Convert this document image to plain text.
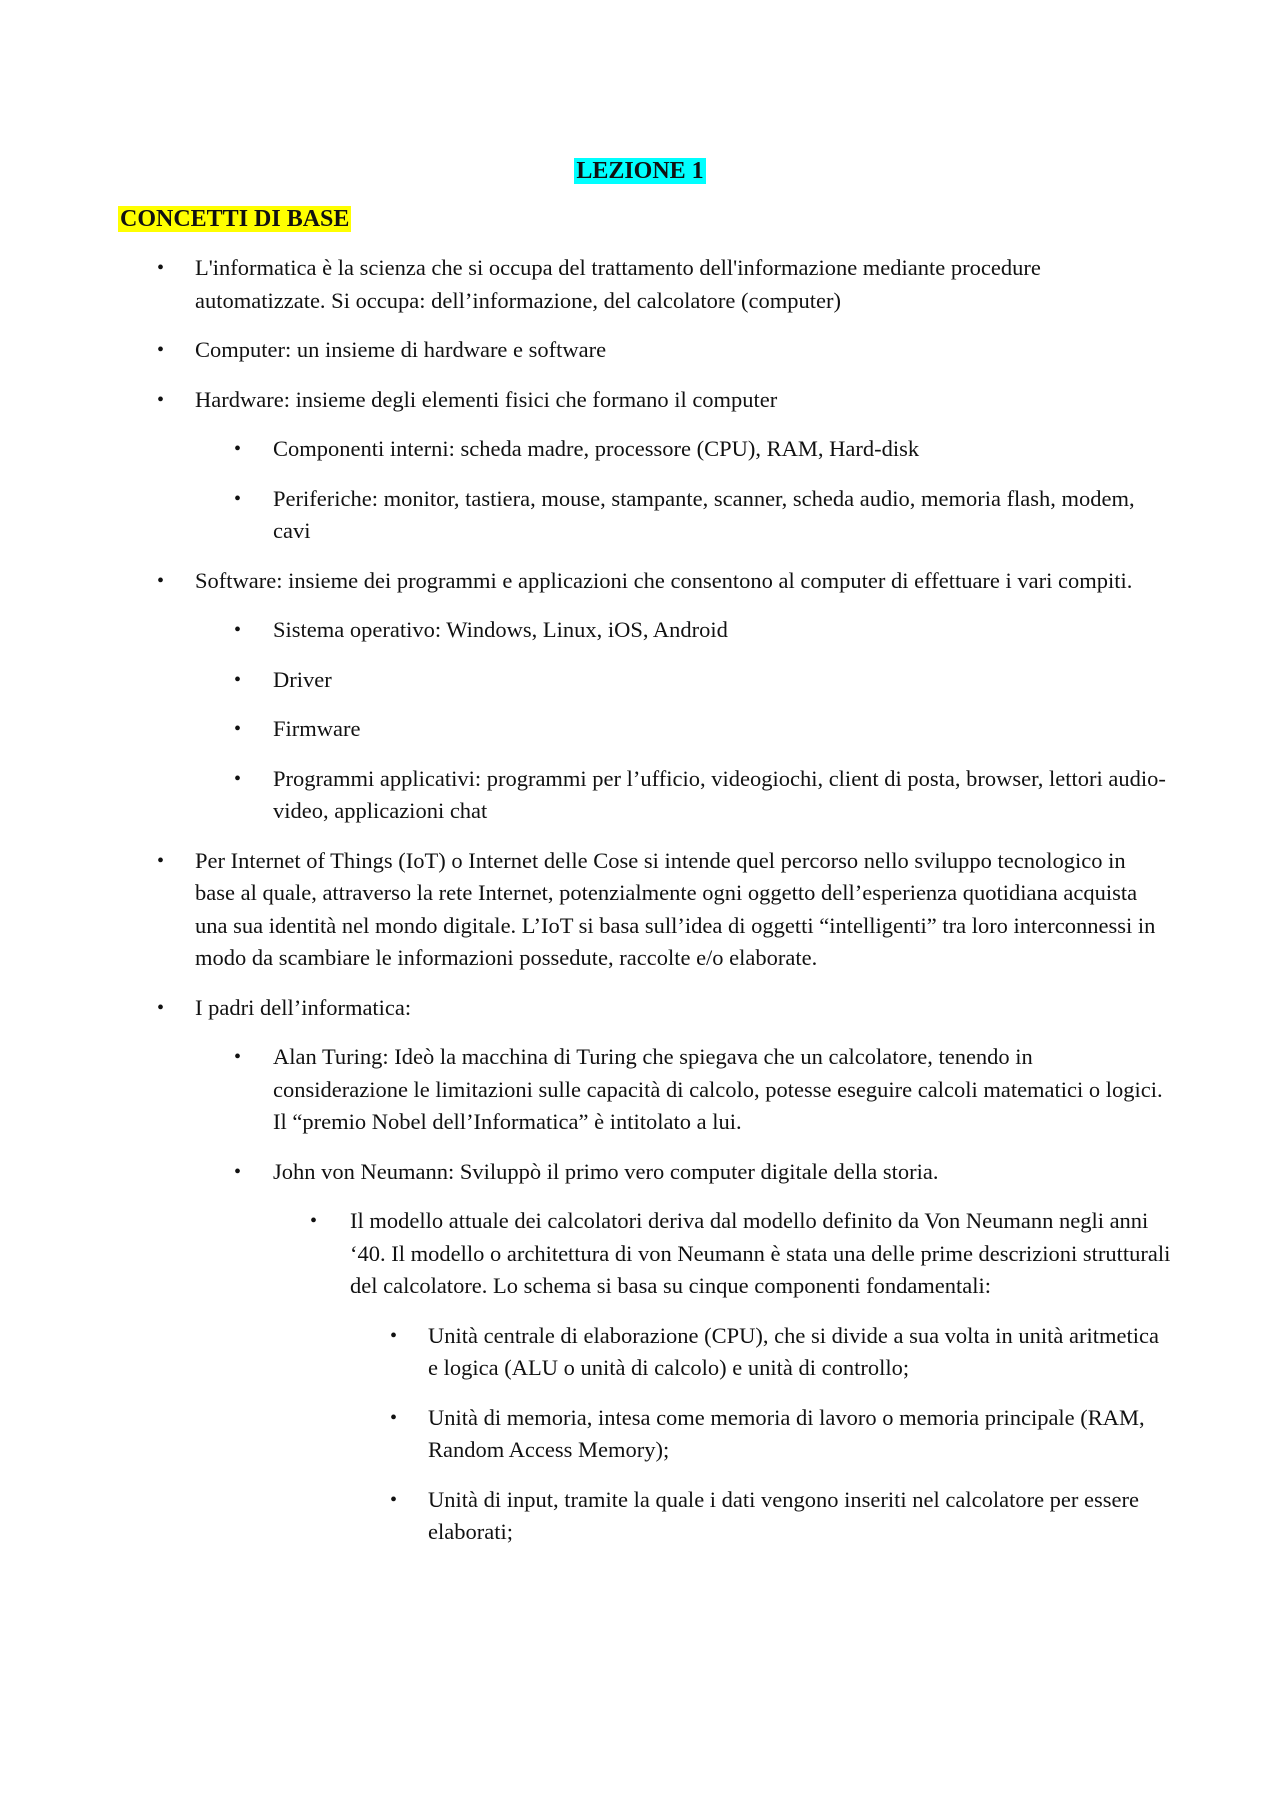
LEZIONE 1
CONCETTI DI BASE
• L'informatica è la scienza che si occupa del trattamento dell'informazione mediante procedure automatizzate. Si occupa: dell’informazione, del calcolatore (computer)
• Computer: un insieme di hardware e software
• Hardware: insieme degli elementi fisici che formano il computer
• Componenti interni: scheda madre, processore (CPU), RAM, Hard-disk
• Periferiche: monitor, tastiera, mouse, stampante, scanner, scheda audio, memoria flash, modem, cavi
• Software: insieme dei programmi e applicazioni che consentono al computer di effettuare i vari compiti.
• Sistema operativo: Windows, Linux, iOS, Android
• Driver
• Firmware
• Programmi applicativi: programmi per l’ufficio, videogiochi, client di posta, browser, lettori audio-video, applicazioni chat
• Per Internet of Things (IoT) o Internet delle Cose si intende quel percorso nello sviluppo tecnologico in base al quale, attraverso la rete Internet, potenzialmente ogni oggetto dell’esperienza quotidiana acquista una sua identità nel mondo digitale. L’IoT si basa sull’idea di oggetti “intelligenti” tra loro interconnessi in modo da scambiare le informazioni possedute, raccolte e/o elaborate.
• I padri dell’informatica:
• Alan Turing: Ideò la macchina di Turing che spiegava che un calcolatore, tenendo in considerazione le limitazioni sulle capacità di calcolo, potesse eseguire calcoli matematici o logici. Il “premio Nobel dell’Informatica” è intitolato a lui.
• John von Neumann: Sviluppò il primo vero computer digitale della storia.
• Il modello attuale dei calcolatori deriva dal modello definito da Von Neumann negli anni ‘40. Il modello o architettura di von Neumann è stata una delle prime descrizioni strutturali del calcolatore. Lo schema si basa su cinque componenti fondamentali:
• Unità centrale di elaborazione (CPU), che si divide a sua volta in unità aritmetica e logica (ALU o unità di calcolo) e unità di controllo;
• Unità di memoria, intesa come memoria di lavoro o memoria principale (RAM, Random Access Memory);
• Unità di input, tramite la quale i dati vengono inseriti nel calcolatore per essere elaborati;
